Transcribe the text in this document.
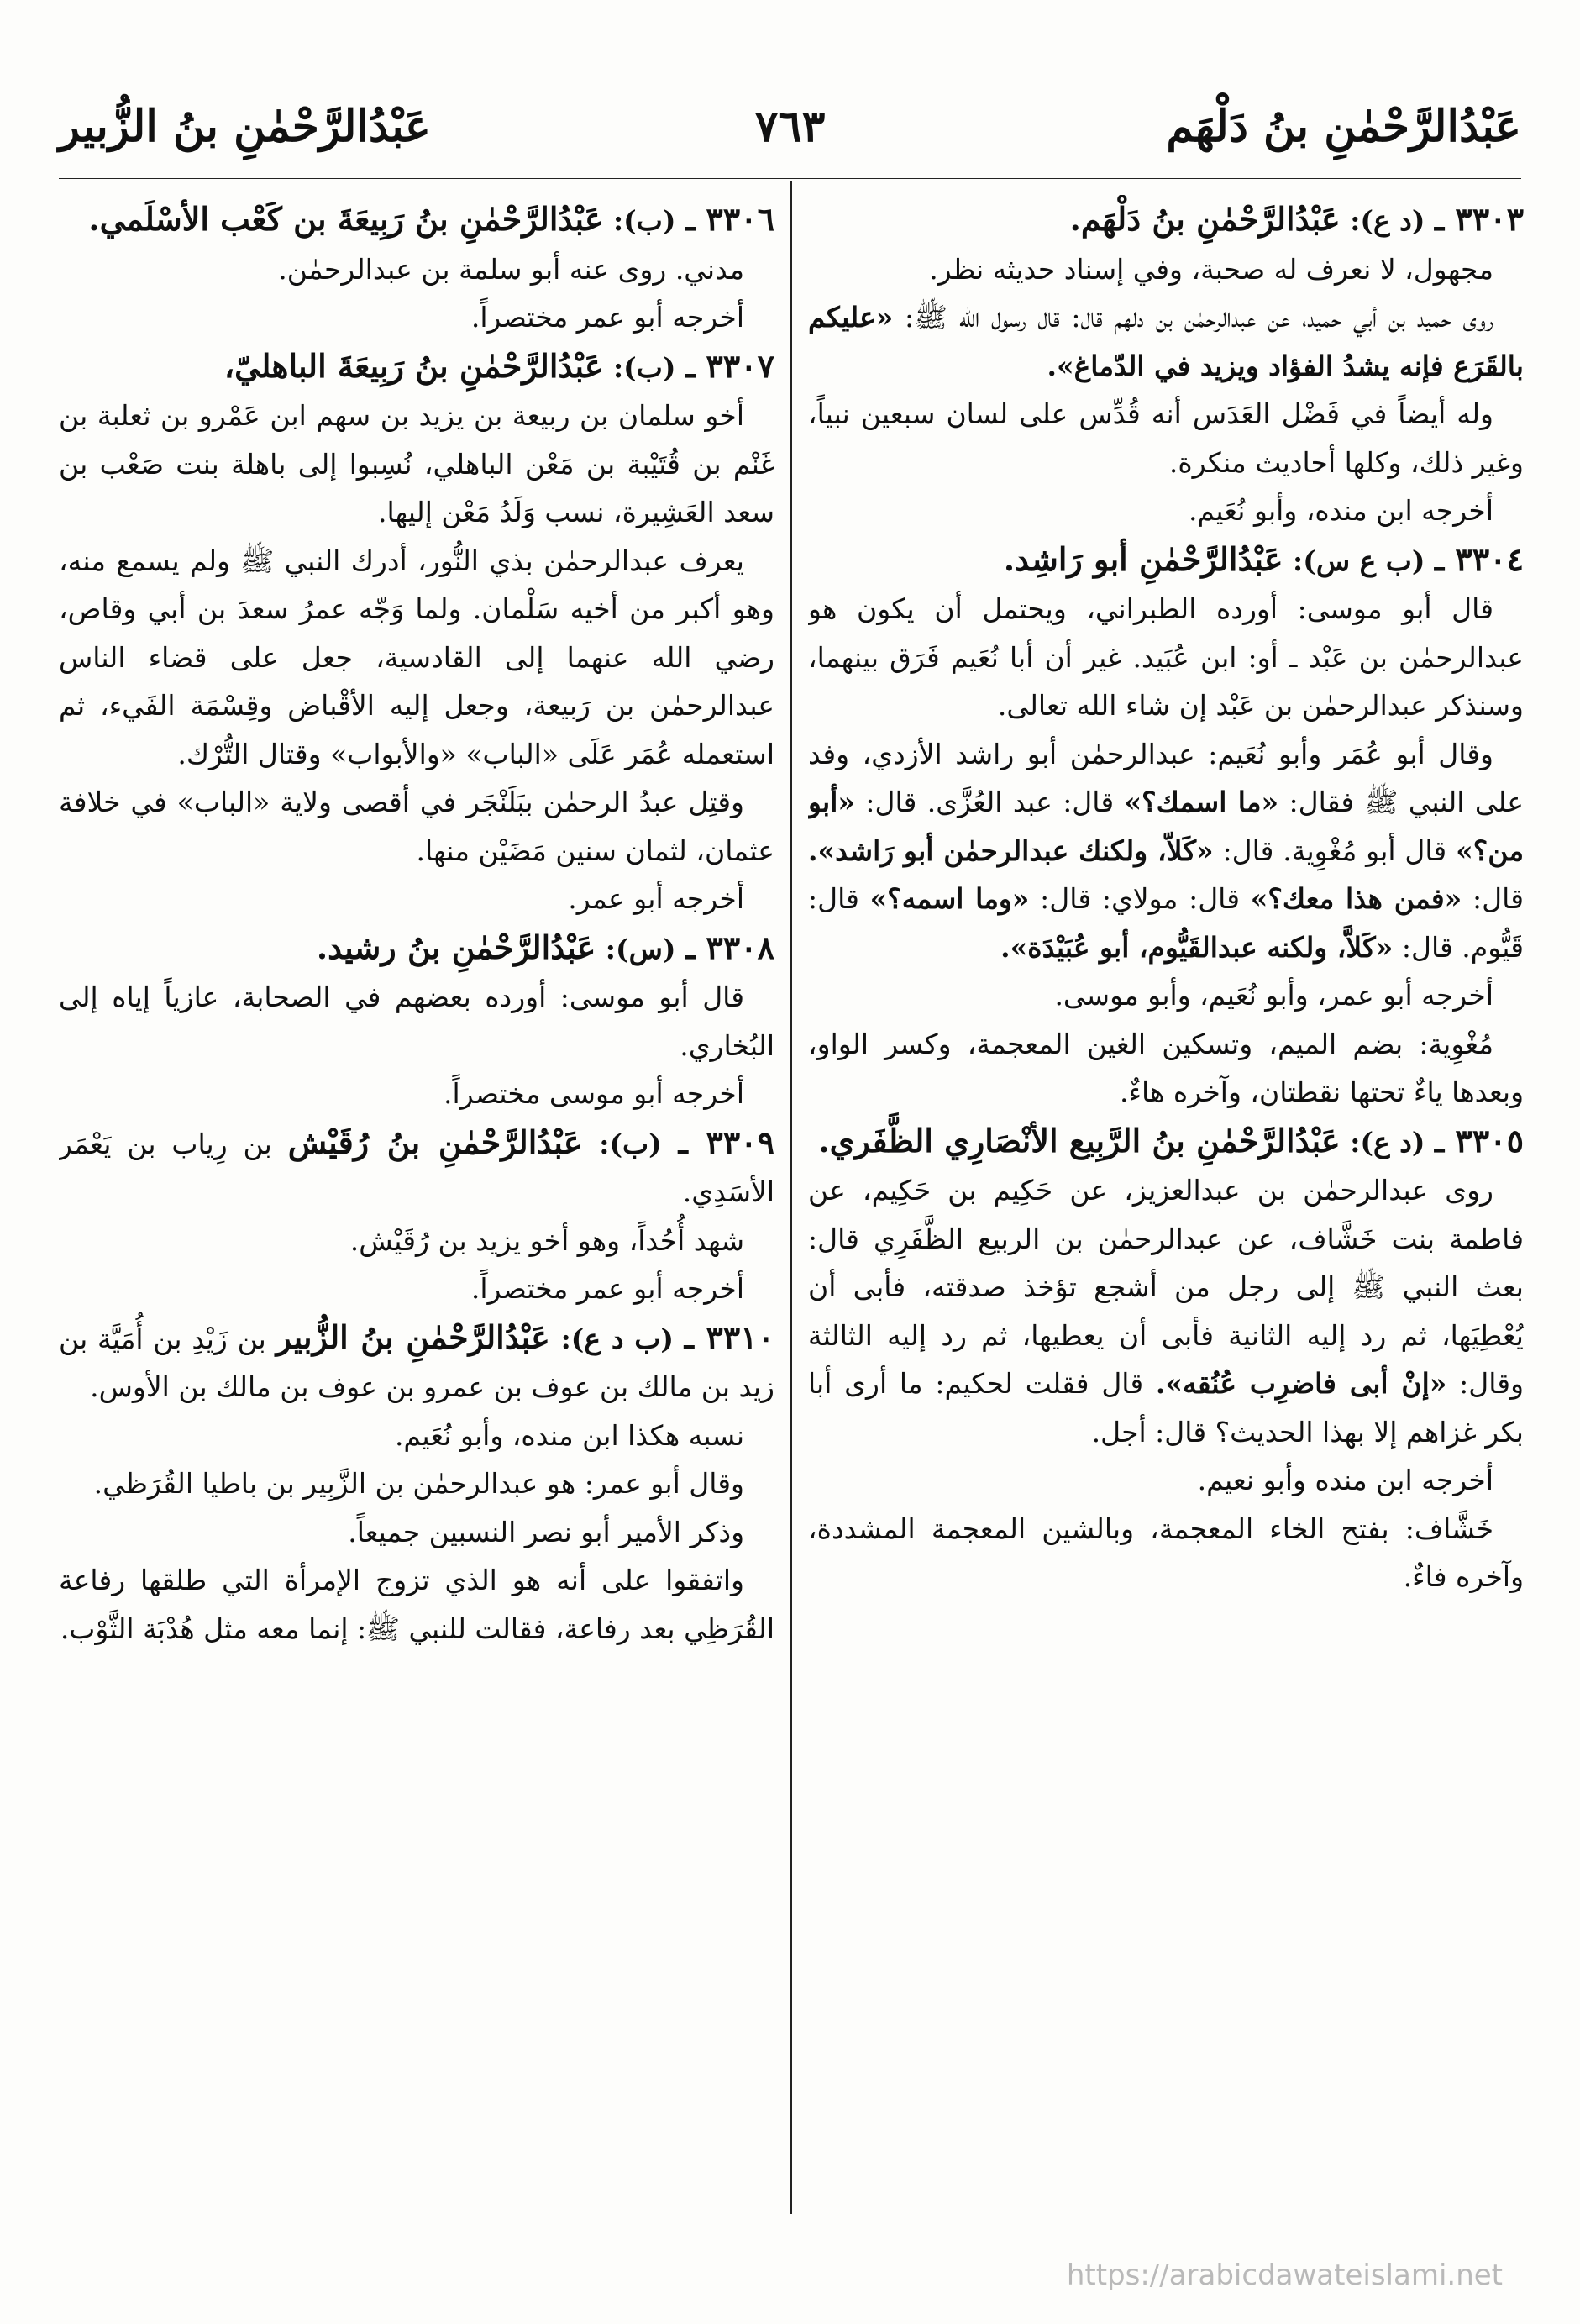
عَبْدُالرَّحْمٰنِ بنُ دَلْهَم
٧٦٣
عَبْدُالرَّحْمٰنِ بنُ الزُّبير

٣٣٠٣ ـ (د ع): عَبْدُالرَّحْمٰنِ بنُ دَلْهَم.

مجهول، لا نعرف له صحبة، وفي إسناد حديثه نظر.

روى حميد بن أبي حميد، عن عبدالرحمٰن بن دلهم قال: قال رسول الله ﷺ: «عليكم بالقَرَع فإنه يشدُ الفؤاد ويزيد في الدّماغ».

وله أيضاً في فَضْل العَدَس أنه قُدِّس على لسان سبعين نبياً، وغير ذلك، وكلها أحاديث منكرة.

أخرجه ابن منده، وأبو نُعَيم.

٣٣٠٤ ـ (ب ع س): عَبْدُالرَّحْمٰنِ أبو رَاشِد.

قال أبو موسى: أورده الطبراني، ويحتمل أن يكون هو عبدالرحمٰن بن عَبْد ـ أو: ابن عُبَيد. غير أن أبا نُعَيم فَرَق بينهما، وسنذكر عبدالرحمٰن بن عَبْد إن شاء الله تعالى.

وقال أبو عُمَر وأبو نُعَيم: عبدالرحمٰن أبو راشد الأزدي، وفد على النبي ﷺ فقال: «ما اسمك؟» قال: عبد العُزَّى. قال: «أبو من؟» قال أبو مُغْوِية. قال: «كَلاّ، ولكنك عبدالرحمٰن أبو رَاشد». قال: «فمن هذا معك؟» قال: مولاي: قال: «وما اسمه؟» قال: قَيُّوم. قال: «كَلاَّ، ولكنه عبدالقَيُّوم، أبو عُبَيْدَة».

أخرجه أبو عمر، وأبو نُعَيم، وأبو موسى.

مُغْوِية: بضم الميم، وتسكين الغين المعجمة، وكسر الواو، وبعدها ياءٌ تحتها نقطتان، وآخره هاءٌ.

٣٣٠٥ ـ (د ع): عَبْدُالرَّحْمٰنِ بنُ الرَّبِيع الأنْصَارِي الظَّفَري.

روى عبدالرحمٰن بن عبدالعزيز، عن حَكِيم بن حَكِيم، عن فاطمة بنت خَشَّاف، عن عبدالرحمٰن بن الربيع الظَّفَرِي قال: بعث النبي ﷺ إلى رجل من أشجع تؤخذ صدقته، فأبى أن يُعْطِيَها، ثم رد إليه الثانية فأبى أن يعطيها، ثم رد إليه الثالثة وقال: «إنْ أبى فاضرِب عُنُقه». قال فقلت لحكيم: ما أرى أبا بكر غزاهم إلا بهذا الحديث؟ قال: أجل.

أخرجه ابن منده وأبو نعيم.

خَشَّاف: بفتح الخاء المعجمة، وبالشين المعجمة المشددة، وآخره فاءٌ.

٣٣٠٦ ـ (ب): عَبْدُالرَّحْمٰنِ بنُ رَبِيعَةَ بن كَعْب الأسْلَمي.

مدني. روى عنه أبو سلمة بن عبدالرحمٰن.

أخرجه أبو عمر مختصراً.

٣٣٠٧ ـ (ب): عَبْدُالرَّحْمٰنِ بنُ رَبِيعَةَ الباهليّ،

أخو سلمان بن ربيعة بن يزيد بن سهم ابن عَمْرو بن ثعلبة بن غَنْم بن قُتَيْبة بن مَعْن الباهلي، نُسِبوا إلى باهلة بنت صَعْب بن سعد العَشِيرة، نسب وَلَدُ مَعْن إليها.

يعرف عبدالرحمٰن بذي النُّور، أدرك النبي ﷺ ولم يسمع منه، وهو أكبر من أخيه سَلْمان. ولما وَجّه عمرُ سعدَ بن أبي وقاص، رضي الله عنهما إلى القادسية، جعل على قضاء الناس عبدالرحمٰن بن رَبيعة، وجعل إليه الأقْباض وقِسْمَة الفَيء، ثم استعمله عُمَر عَلَى «الباب» «والأبواب» وقتال التُّرْك.

وقتِل عبدُ الرحمٰن ببَلَنْجَر في أقصى ولاية «الباب» في خلافة عثمان، لثمان سنين مَضَيْن منها.

أخرجه أبو عمر.

٣٣٠٨ ـ (س): عَبْدُالرَّحْمٰنِ بنُ رشيد.

قال أبو موسى: أورده بعضهم في الصحابة، عازياً إياه إلى البُخاري.

أخرجه أبو موسى مختصراً.

٣٣٠٩ ـ (ب): عَبْدُالرَّحْمٰنِ بنُ رُقَيْش بن رِياب بن يَعْمَر الأسَدِي.

شهد أُحُداً، وهو أخو يزيد بن رُقَيْش.

أخرجه أبو عمر مختصراً.

٣٣١٠ ـ (ب د ع): عَبْدُالرَّحْمٰنِ بنُ الزُّبير بن زَيْدِ بن أُمَيَّة بن زيد بن مالك بن عوف بن عمرو بن عوف بن مالك بن الأوس.

نسبه هكذا ابن منده، وأبو نُعَيم.

وقال أبو عمر: هو عبدالرحمٰن بن الزَّبِير بن باطيا القُرَظي.

وذكر الأمير أبو نصر النسبين جميعاً.

واتفقوا على أنه هو الذي تزوج الإمرأة التي طلقها رفاعة القُرَظِي بعد رفاعة، فقالت للنبي ﷺ: إنما معه مثل هُدْبَة الثَّوْب.

https://arabicdawateislami.net
